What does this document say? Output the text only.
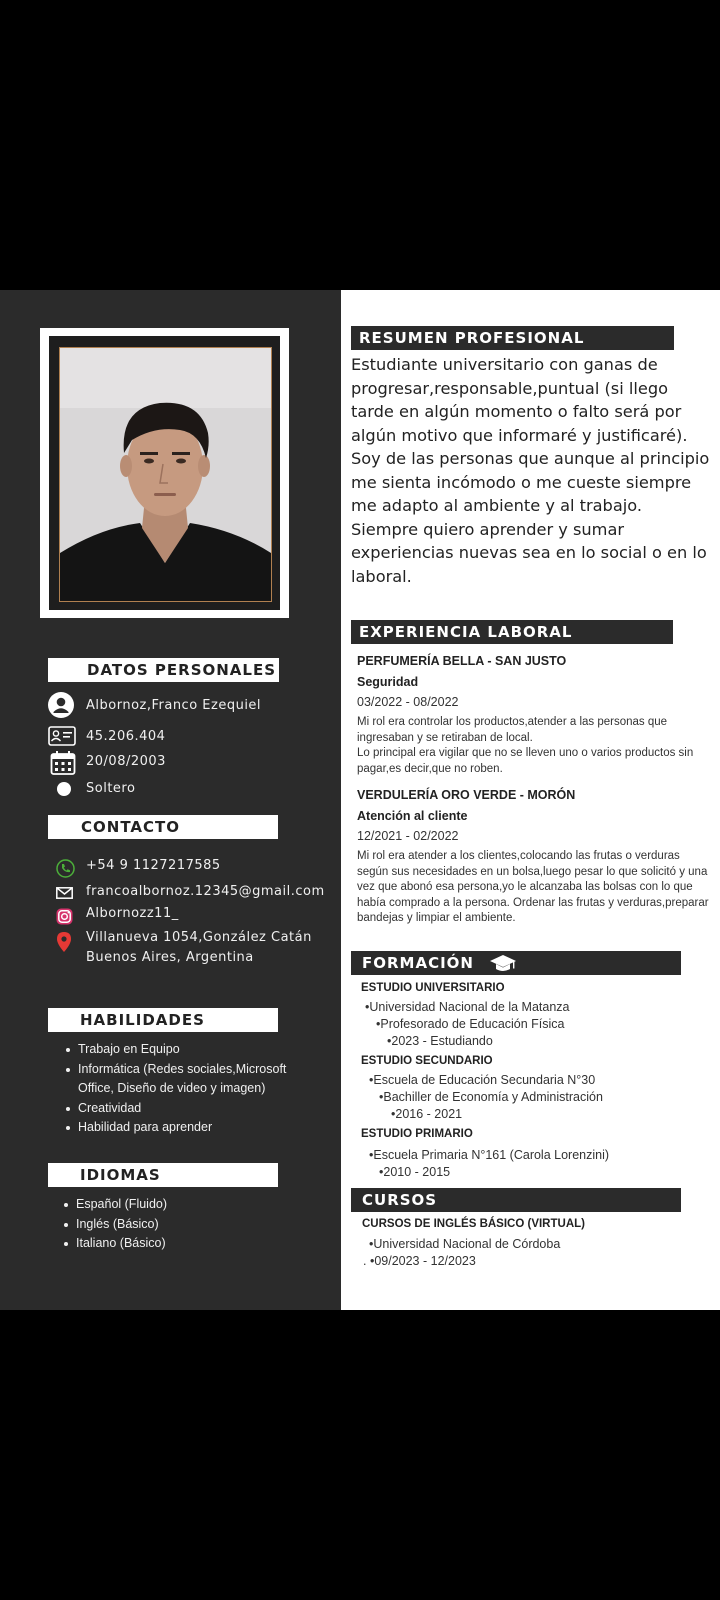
DATOS PERSONALES
Albornoz,Franco Ezequiel
45.206.404
20/08/2003
Soltero
CONTACTO
+54 9 1127217585
francoalbornoz.12345@gmail.com
Albornozz11_
Villanueva 1054,González Catán
Buenos Aires, Argentina
HABILIDADES
Trabajo en Equipo
Informática (Redes sociales,Microsoft
Office, Diseño de video y imagen)
Creatividad
Habilidad para aprender
IDIOMAS
Español (Fluido)
Inglés (Básico)
Italiano (Básico)
RESUMEN PROFESIONAL

Estudiante universitario con ganas de progresar,responsable,puntual (si llego tarde en algún momento o falto será por algún motivo que informaré y justificaré). Soy de las personas que aunque al principio me sienta incómodo o me cueste siempre me adapto al ambiente y al trabajo.

Siempre quiero aprender y sumar experiencias nuevas sea en lo social o en lo laboral.

EXPERIENCIA LABORAL
PERFUMERÍA BELLA - SAN JUSTO
Seguridad
03/2022 - 08/2022

Mi rol era controlar los productos,atender a las personas que ingresaban y se retiraban de local.

Lo principal era vigilar que no se lleven uno o varios productos sin pagar,es decir,que no roben.

VERDULERÍA ORO VERDE - MORÓN
Atención al cliente
12/2021 - 02/2022

Mi rol era atender a los clientes,colocando las frutas o verduras según sus necesidades en un bolsa,luego pesar lo que solicitó y una vez que abonó esa persona,yo le alcanzaba las bolsas con lo que había comprado a la persona. Ordenar las frutas y verduras,preparar bandejas y limpiar el ambiente.

FORMACIÓN
ESTUDIO UNIVERSITARIO
•Universidad Nacional de la Matanza
•Profesorado de Educación Física
•2023 - Estudiando
ESTUDIO SECUNDARIO
•Escuela de Educación Secundaria N°30
•Bachiller de Economía y Administración
•2016 - 2021
ESTUDIO PRIMARIO
•Escuela Primaria N°161 (Carola Lorenzini)
•2010 - 2015
CURSOS
CURSOS DE INGLÉS BÁSICO (VIRTUAL)
•Universidad Nacional de Córdoba
. •09/2023 - 12/2023
